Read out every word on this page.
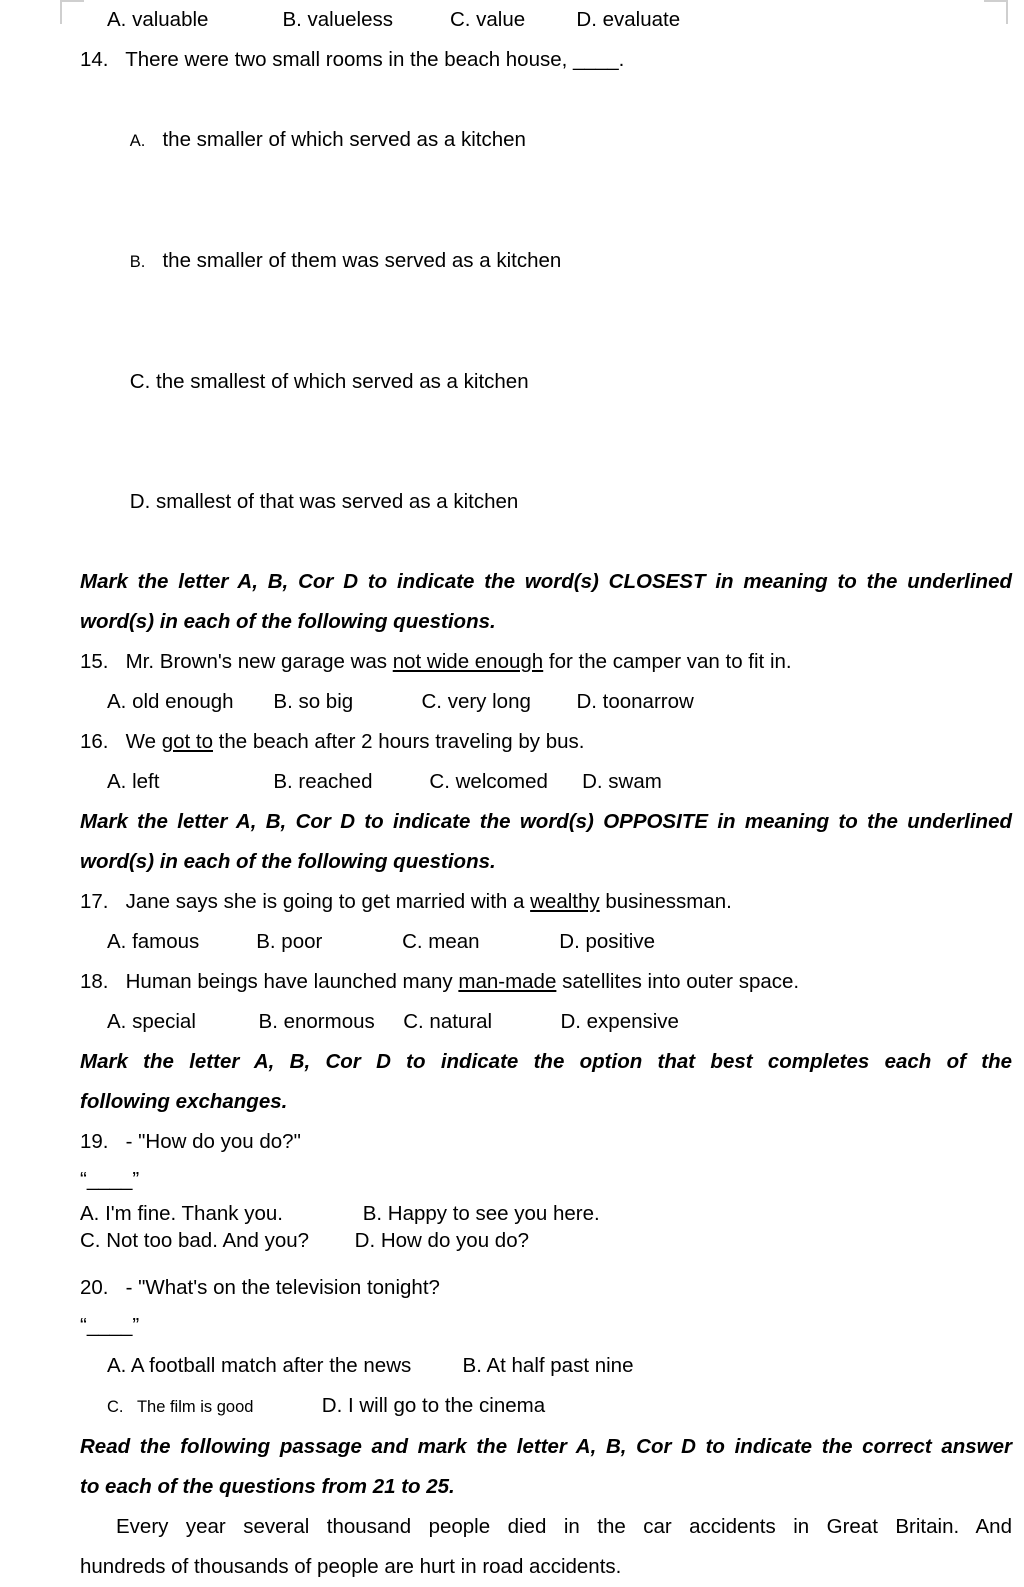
A. valuable             B. valueless          C. value         D. evaluate
14. There were two small rooms in the beach house, ____.

A. the smaller of which served as a kitchen

B. the smaller of them was served as a kitchen

C. the smallest of which served as a kitchen

D. smallest of that was served as a kitchen

Mark the letter A, B, Cor D to indicate the word(s) CLOSEST in meaning to the underlined

word(s) in each of the following questions.

15. Mr. Brown's new garage was not wide enough for the camper van to fit in.
A. old enough       B. so big            C. very long        D. toonarrow
16. We got to the beach after 2 hours traveling by bus.
A. left                    B. reached          C. welcomed      D. swam

Mark the letter A, B, Cor D to indicate the word(s) OPPOSITE in meaning to the underlined

word(s) in each of the following questions.

17. Jane says she is going to get married with a wealthy businessman.
A. famous          B. poor              C. mean              D. positive
18. Human beings have launched many man-made satellites into outer space.
A. special           B. enormous     C. natural            D. expensive

Mark the letter A, B, Cor D to indicate the option that best completes each of the

following exchanges.

19. - "How do you do?"
“____”
A. I'm fine. Thank you.	B. Happy to see you here.
C. Not too bad. And you? D. How do you do?
20. - "What's on the television tonight?
“____”
A. A football match after the news	B. At half past nine
C.   The film is good	D. I will go to the cinema

Read the following passage and mark the letter A, B, Cor D to indicate the correct answer

to each of the questions from 21 to 25.

Every year several thousand people died in the car accidents in Great Britain. And

hundreds of thousands of people are hurt in road accidents.
